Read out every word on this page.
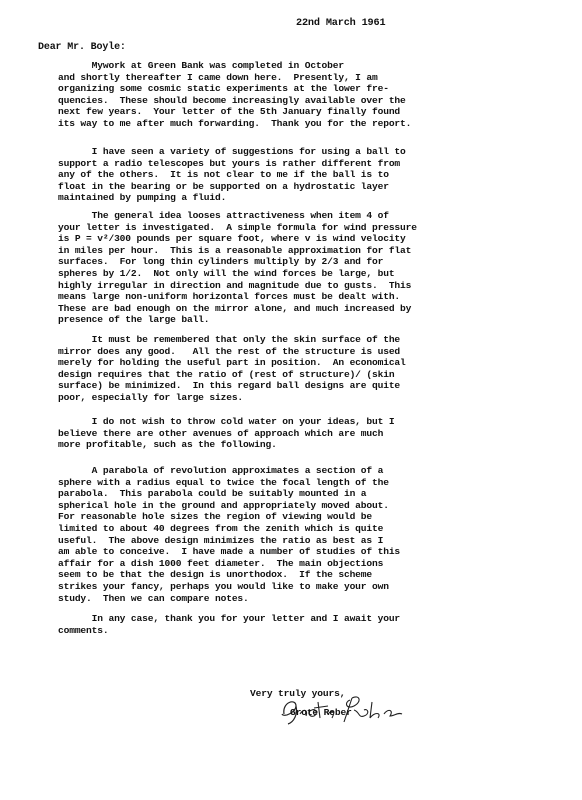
22nd March 1961
Dear Mr. Boyle:
Mywork at Green Bank was completed in October
and shortly thereafter I came down here.  Presently, I am
organizing some cosmic static experiments at the lower fre-
quencies.  These should become increasingly available over the
next few years.  Your letter of the 5th January finally found
its way to me after much forwarding.  Thank you for the report.
I have seen a variety of suggestions for using a ball to
support a radio telescopes but yours is rather different from
any of the others.  It is not clear to me if the ball is to
float in the bearing or be supported on a hydrostatic layer
maintained by pumping a fluid.
The general idea looses attractiveness when item 4 of
your letter is investigated.  A simple formula for wind pressure
is P = v²/300 pounds per square foot, where v is wind velocity
in miles per hour.  This is a reasonable approximation for flat
surfaces.  For long thin cylinders multiply by 2/3 and for
spheres by 1/2.  Not only will the wind forces be large, but
highly irregular in direction and magnitude due to gusts.  This
means large non-uniform horizontal forces must be dealt with.
These are bad enough on the mirror alone, and much increased by
presence of the large ball.
It must be remembered that only the skin surface of the
mirror does any good.   All the rest of the structure is used
merely for holding the useful part in position.  An economical
design requires that the ratio of (rest of structure)/ (skin
surface) be minimized.  In this regard ball designs are quite
poor, especially for large sizes.
I do not wish to throw cold water on your ideas, but I
believe there are other avenues of approach which are much
more profitable, such as the following.
A parabola of revolution approximates a section of a
sphere with a radius equal to twice the focal length of the
parabola.  This parabola could be suitably mounted in a
spherical hole in the ground and appropriately moved about.
For reasonable hole sizes the region of viewing would be
limited to about 40 degrees from the zenith which is quite
useful.  The above design minimizes the ratio as best as I
am able to conceive.  I have made a number of studies of this
affair for a dish 1000 feet diameter.  The main objections
seem to be that the design is unorthodox.  If the scheme
strikes your fancy, perhaps you would like to make your own
study.  Then we can compare notes.
In any case, thank you for your letter and I await your
comments.
Very truly yours,
Grote Reber
